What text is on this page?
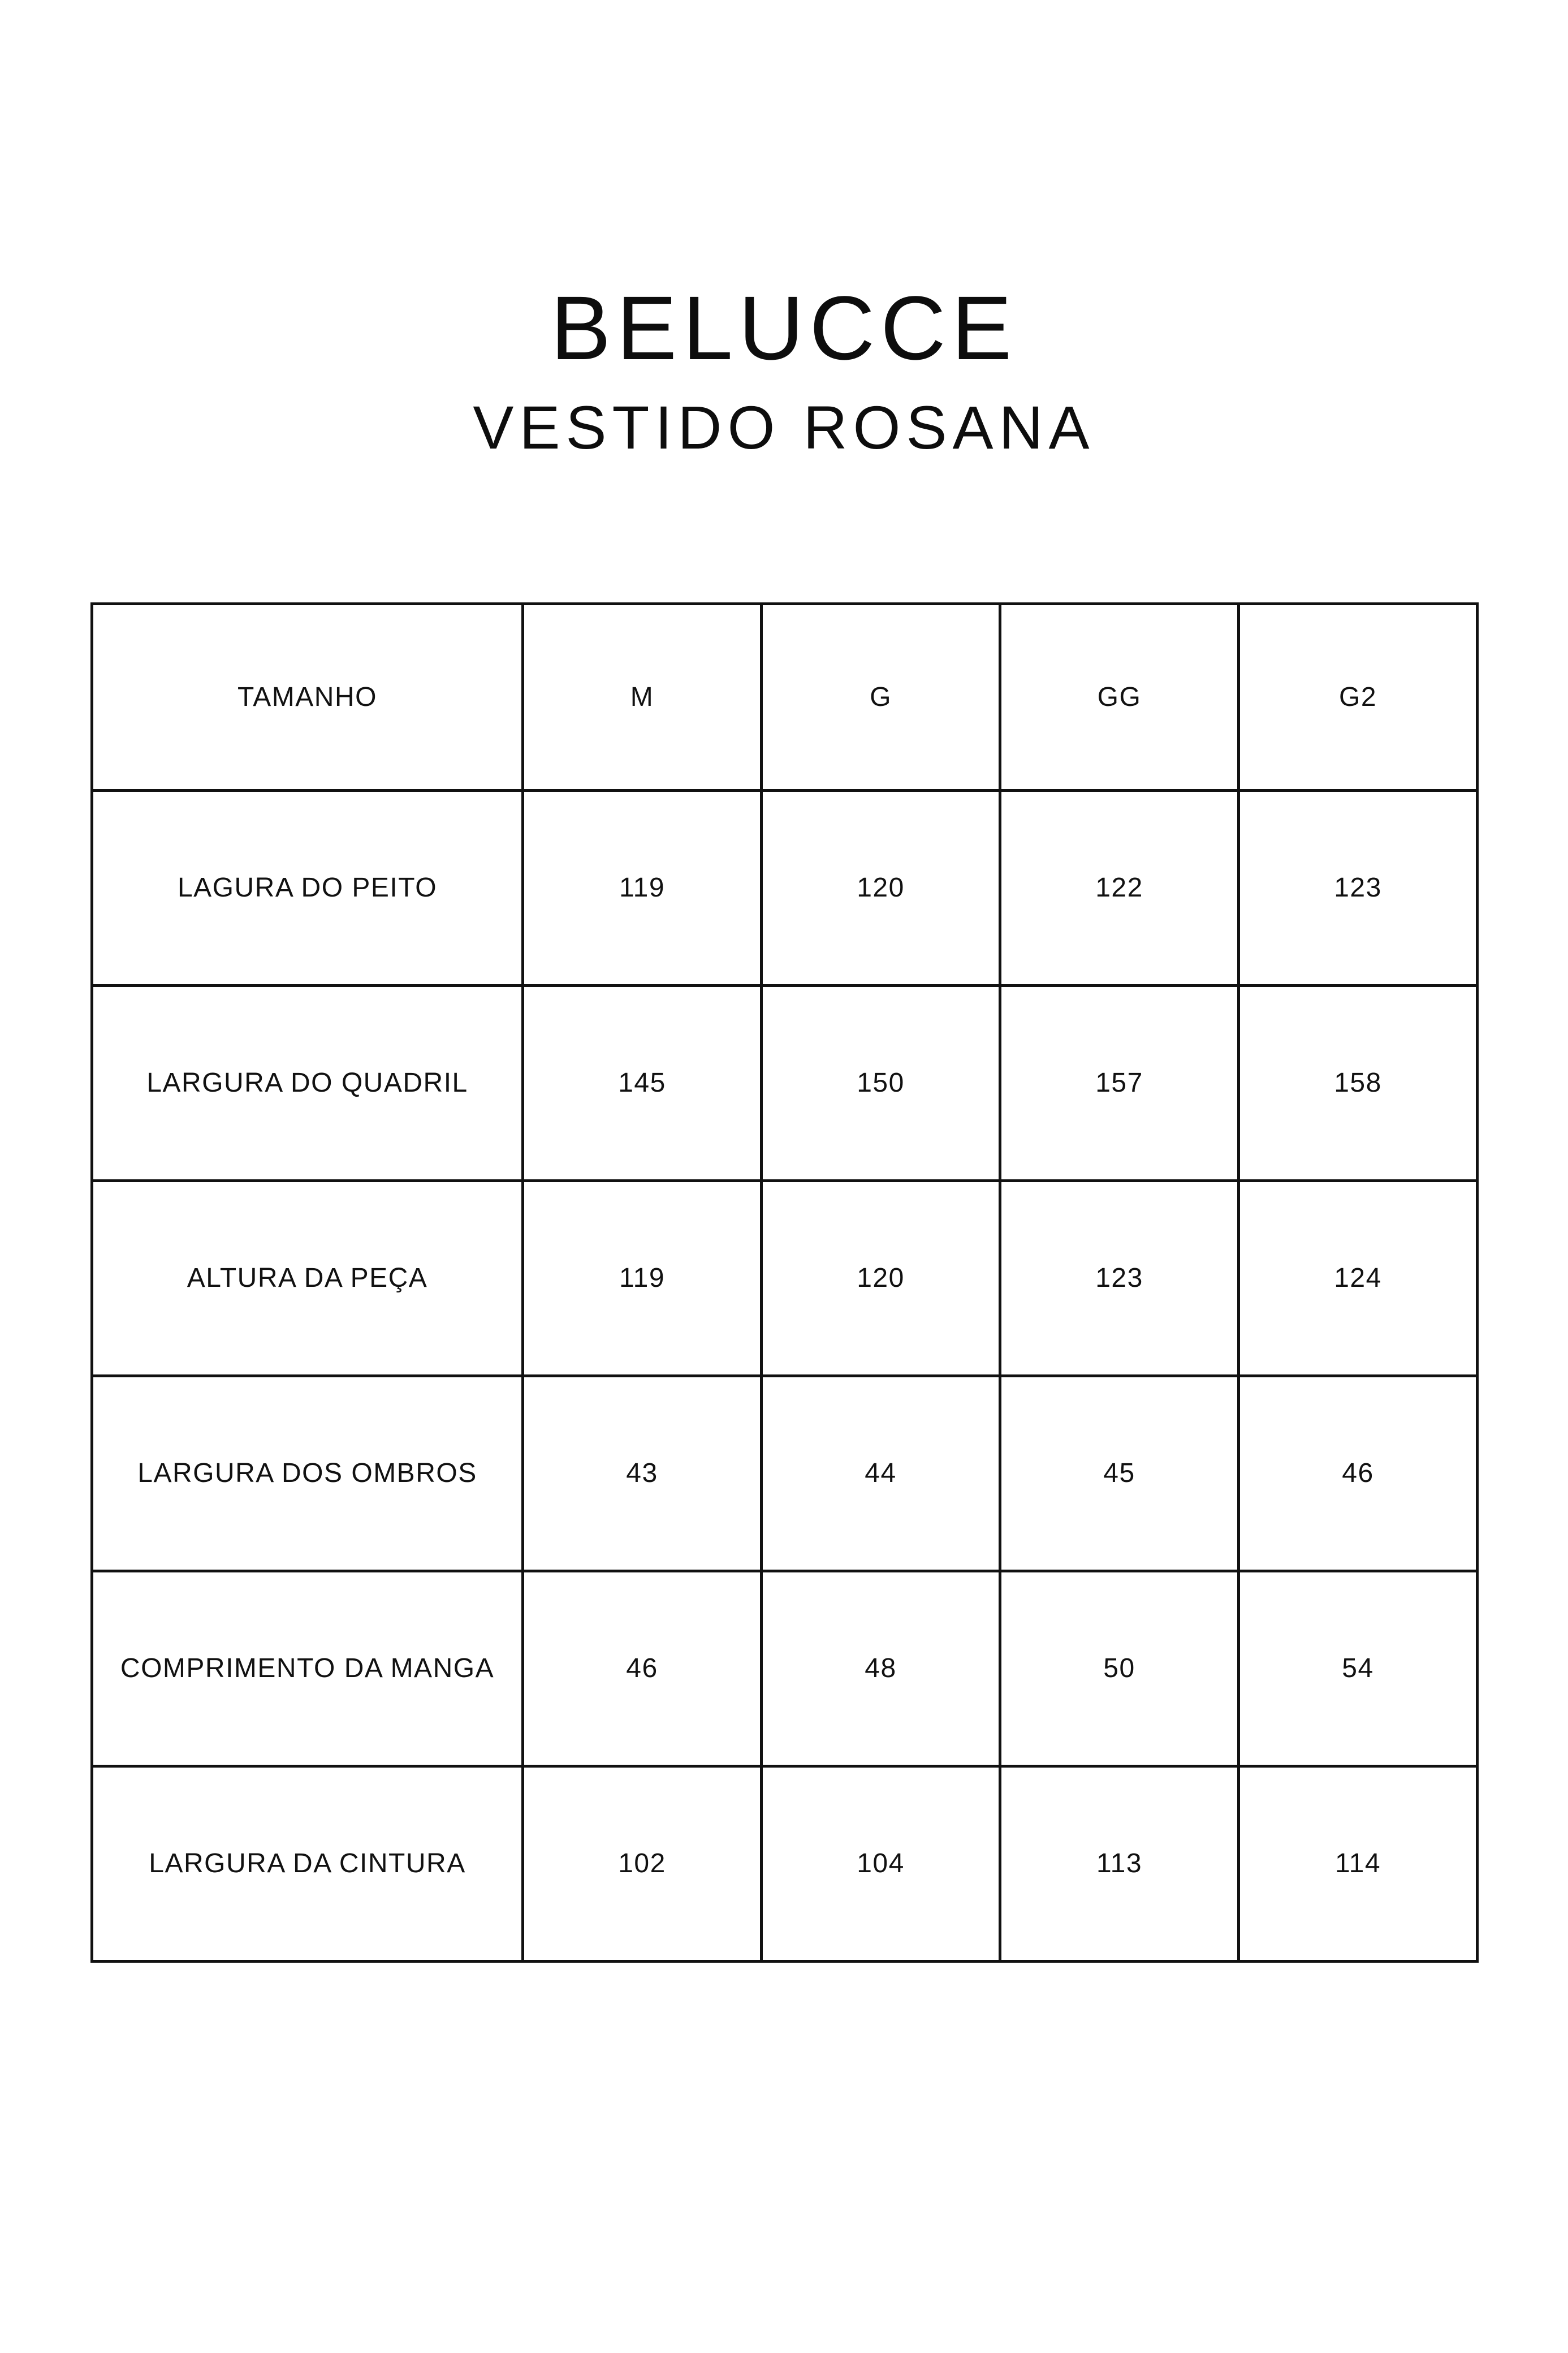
BELUCCE
VESTIDO ROSANA
TAMANHO	M	G	GG	G2
LAGURA DO PEITO	119	120	122	123
LARGURA DO QUADRIL	145	150	157	158
ALTURA DA PEÇA	119	120	123	124
LARGURA DOS OMBROS	43	44	45	46
COMPRIMENTO DA MANGA	46	48	50	54
LARGURA DA CINTURA	102	104	113	114
